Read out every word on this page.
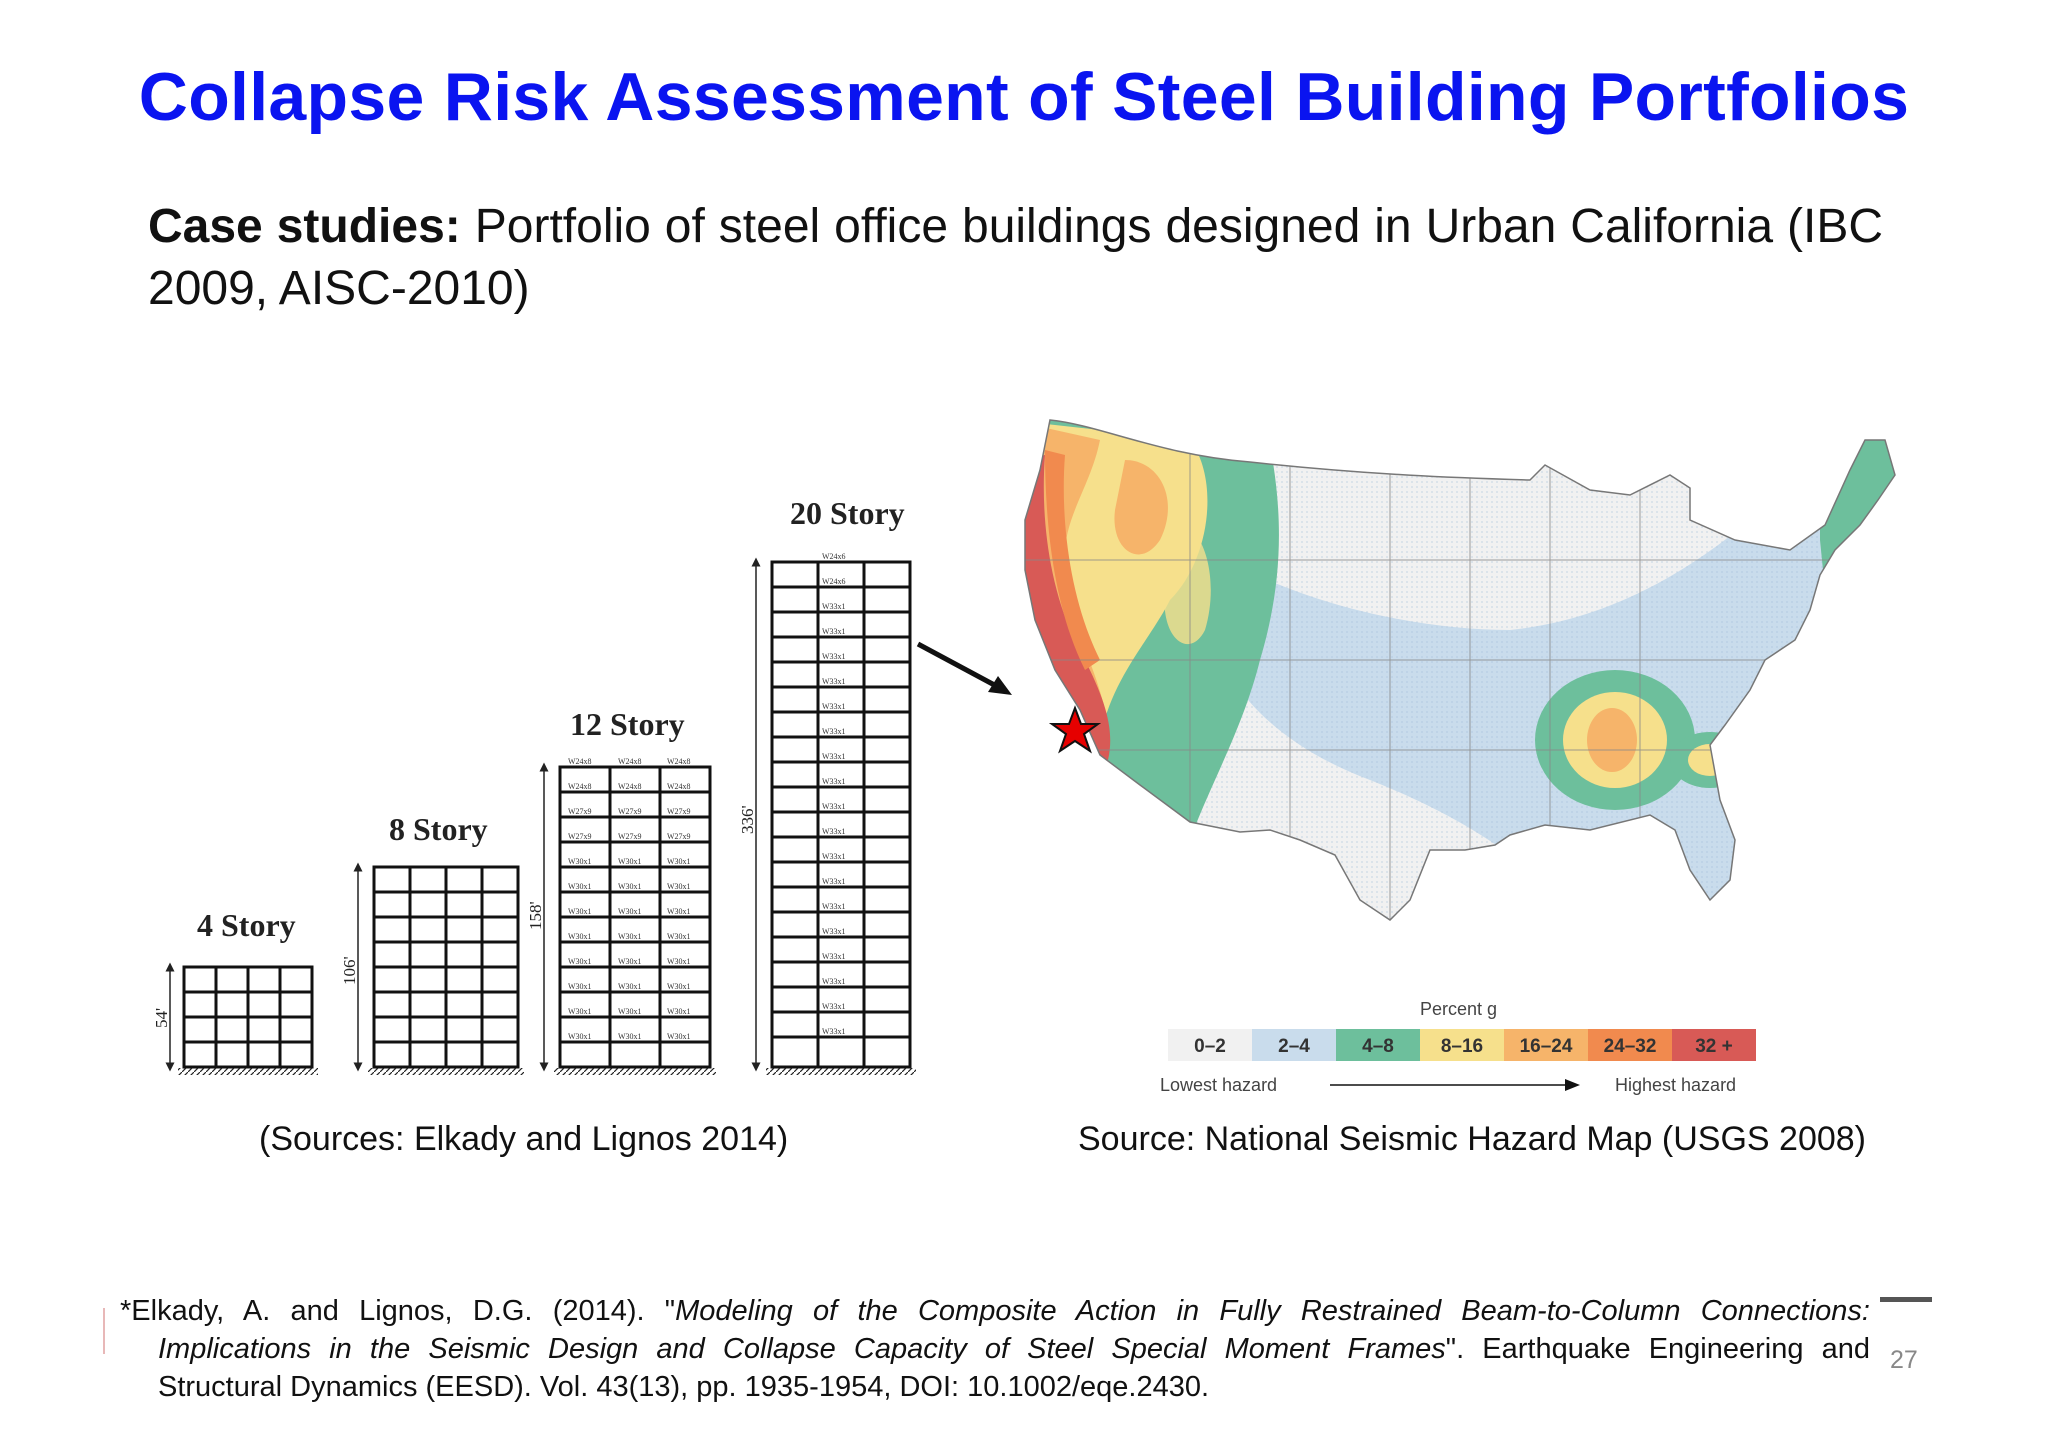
Collapse Risk Assessment of Steel Building Portfolios
Case studies: Portfolio of steel office buildings designed in Urban California (IBC 2009, AISC-2010)
4 Story
54'
8 Story
106'
12 Story
W24x8	W24x8	W24x8
W24x8	W24x8	W24x8
W27x9	W27x9	W27x9
W27x9	W27x9	W27x9
W30x1	W30x1	W30x1
W30x1	W30x1	W30x1
W30x1	W30x1	W30x1
W30x1	W30x1	W30x1
W30x1	W30x1	W30x1
W30x1	W30x1	W30x1
W30x1	W30x1	W30x1
W30x1	W30x1	W30x1
158'
20 Story
W24x6
W24x6
W33x1
W33x1
W33x1
W33x1
W33x1
W33x1
W33x1
W33x1
W33x1
W33x1
W33x1
W33x1
W33x1
W33x1
W33x1
W33x1
W33x1
W33x1
336'
Percent g
0–2	2–4	4–8 8–16 16–24 24–32 32 +
Lowest hazard	Highest hazard
(Sources: Elkady and Lignos 2014)	Source: National Seismic Hazard Map (USGS 2008)
*Elkady, A. and Lignos, D.G. (2014). "Modeling of the Composite Action in Fully Restrained Beam-to-Column Connections:
Implications in the Seismic Design and Collapse Capacity of Steel Special Moment Frames". Earthquake Engineering and
Structural Dynamics (EESD). Vol. 43(13), pp. 1935-1954, DOI: 10.1002/eqe.2430.
27
